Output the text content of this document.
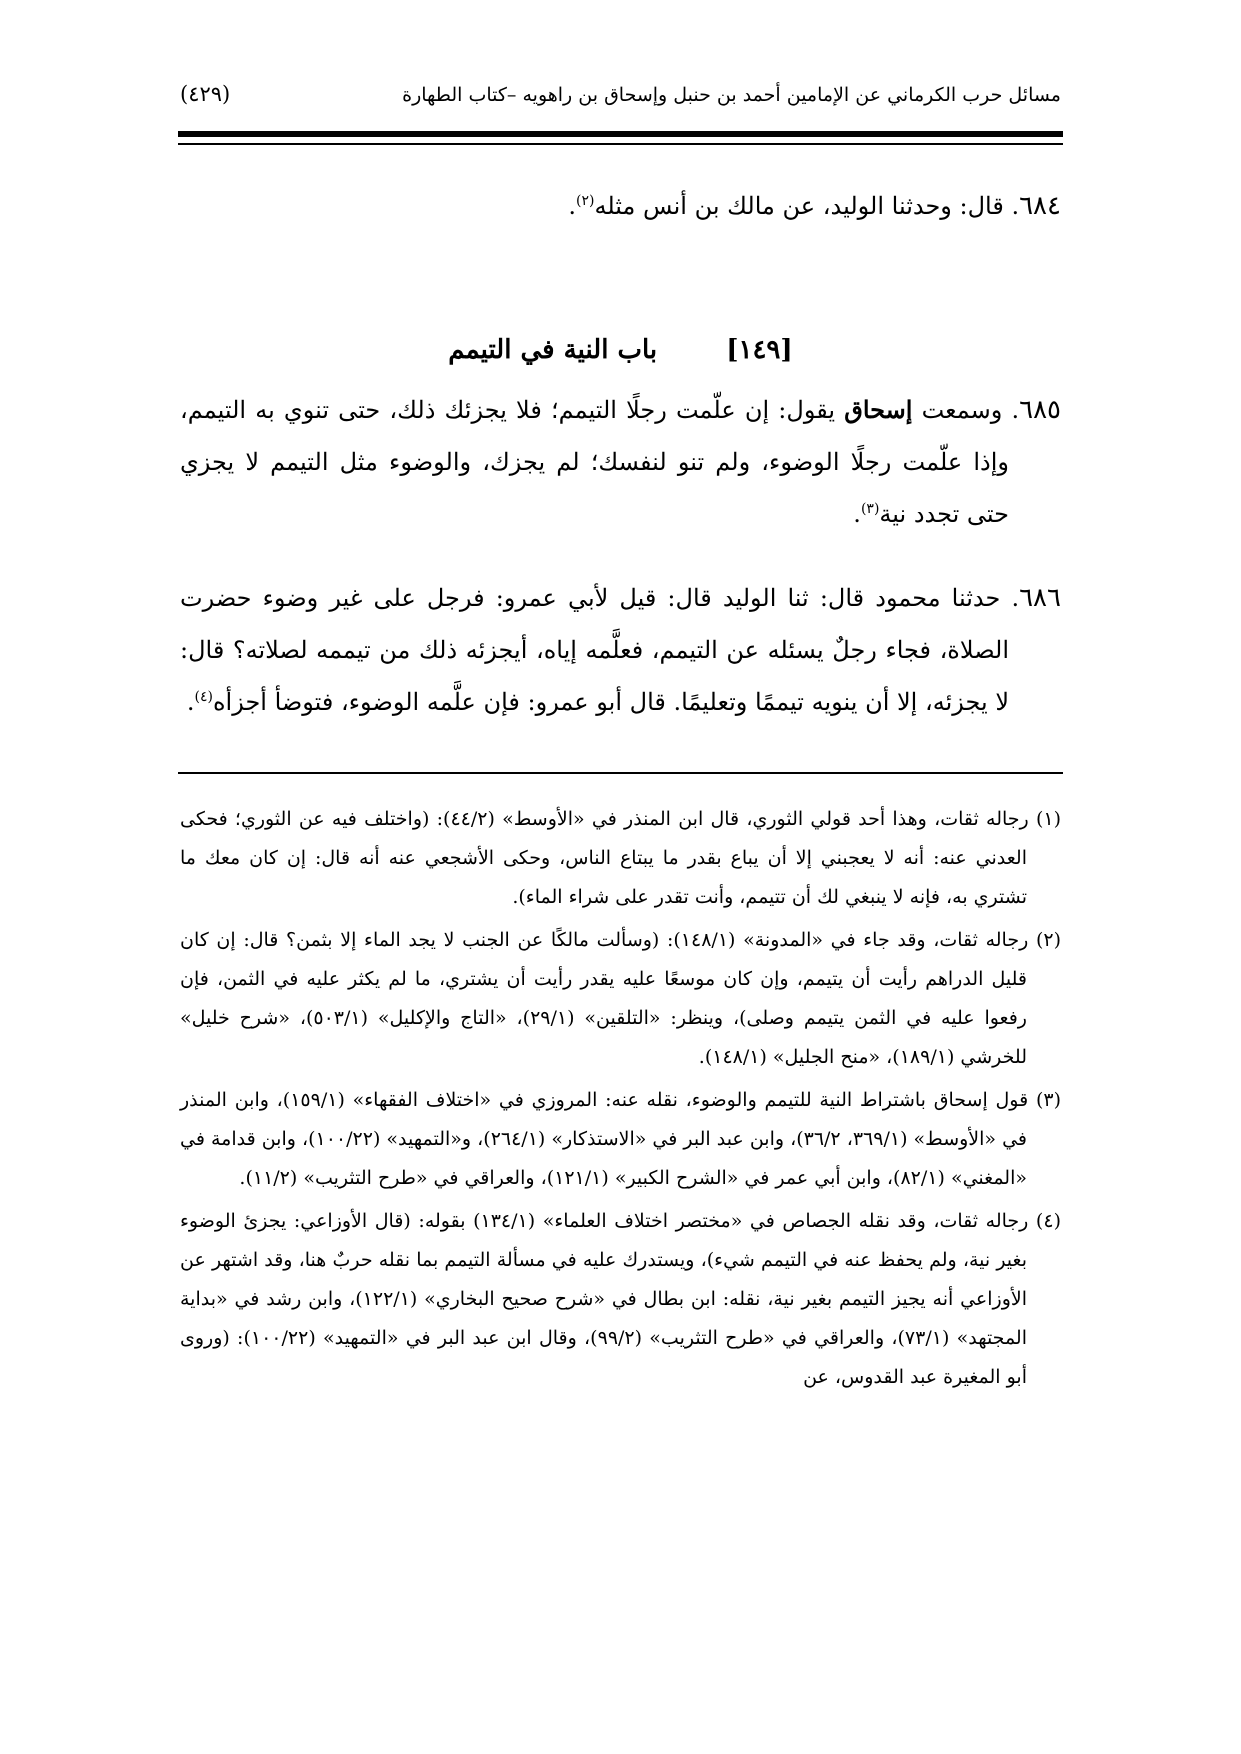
مسائل حرب الكرماني عن الإمامين أحمد بن حنبل وإسحاق بن راهويه –كتاب الطهارة
(٤٢٩)
٦٨٤. قال: وحدثنا الوليد، عن مالك بن أنس مثله$^{(٢)}$.
[١٤٩] باب النية في التيمم
٦٨٥. وسمعت إسحاق يقول: إن علّمت رجلًا التيمم؛ فلا يجزئك ذلك، حتى تنوي به التيمم، وإذا علّمت رجلًا الوضوء، ولم تنو لنفسك؛ لم يجزك، والوضوء مثل التيمم لا يجزي حتى تجدد نية$^{(٣)}$.
٦٨٦. حدثنا محمود قال: ثنا الوليد قال: قيل لأبي عمرو: فرجل على غير وضوء حضرت الصلاة، فجاء رجلٌ يسئله عن التيمم، فعلَّمه إياه، أيجزئه ذلك من تيممه لصلاته؟ قال: لا يجزئه، إلا أن ينويه تيممًا وتعليمًا. قال أبو عمرو: فإن علَّمه الوضوء، فتوضأ أجزأه$^{(٤)}$.

(١) رجاله ثقات، وهذا أحد قولي الثوري، قال ابن المنذر في «الأوسط» (٤٤/٢): (واختلف فيه عن الثوري؛ فحكى العدني عنه: أنه لا يعجبني إلا أن يباع بقدر ما يبتاع الناس، وحكى الأشجعي عنه أنه قال: إن كان معك ما تشتري به، فإنه لا ينبغي لك أن تتيمم، وأنت تقدر على شراء الماء).

(٢) رجاله ثقات، وقد جاء في «المدونة» (١٤٨/١): (وسألت مالكًا عن الجنب لا يجد الماء إلا بثمن؟ قال: إن كان قليل الدراهم رأيت أن يتيمم، وإن كان موسعًا عليه يقدر رأيت أن يشتري، ما لم يكثر عليه في الثمن، فإن رفعوا عليه في الثمن يتيمم وصلى)، وينظر: «التلقين» (٢٩/١)، «التاج والإكليل» (٥٠٣/١)، «شرح خليل» للخرشي (١٨٩/١)، «منح الجليل» (١٤٨/١).

(٣) قول إسحاق باشتراط النية للتيمم والوضوء، نقله عنه: المروزي في «اختلاف الفقهاء» (١٥٩/١)، وابن المنذر في «الأوسط» (٣٦٩/١، ٣٦/٢)، وابن عبد البر في «الاستذكار» (٢٦٤/١)، و«التمهيد» (١٠٠/٢٢)، وابن قدامة في «المغني» (٨٢/١)، وابن أبي عمر في «الشرح الكبير» (١٢١/١)، والعراقي في «طرح التثريب» (١١/٢).

(٤) رجاله ثقات، وقد نقله الجصاص في «مختصر اختلاف العلماء» (١٣٤/١) بقوله: (قال الأوزاعي: يجزئ الوضوء بغير نية، ولم يحفظ عنه في التيمم شيء)، ويستدرك عليه في مسألة التيمم بما نقله حربٌ هنا، وقد اشتهر عن الأوزاعي أنه يجيز التيمم بغير نية، نقله: ابن بطال في «شرح صحيح البخاري» (١٢٢/١)، وابن رشد في «بداية المجتهد» (٧٣/١)، والعراقي في «طرح التثريب» (٩٩/٢)، وقال ابن عبد البر في «التمهيد» (١٠٠/٢٢): (وروى أبو المغيرة عبد القدوس، عن
